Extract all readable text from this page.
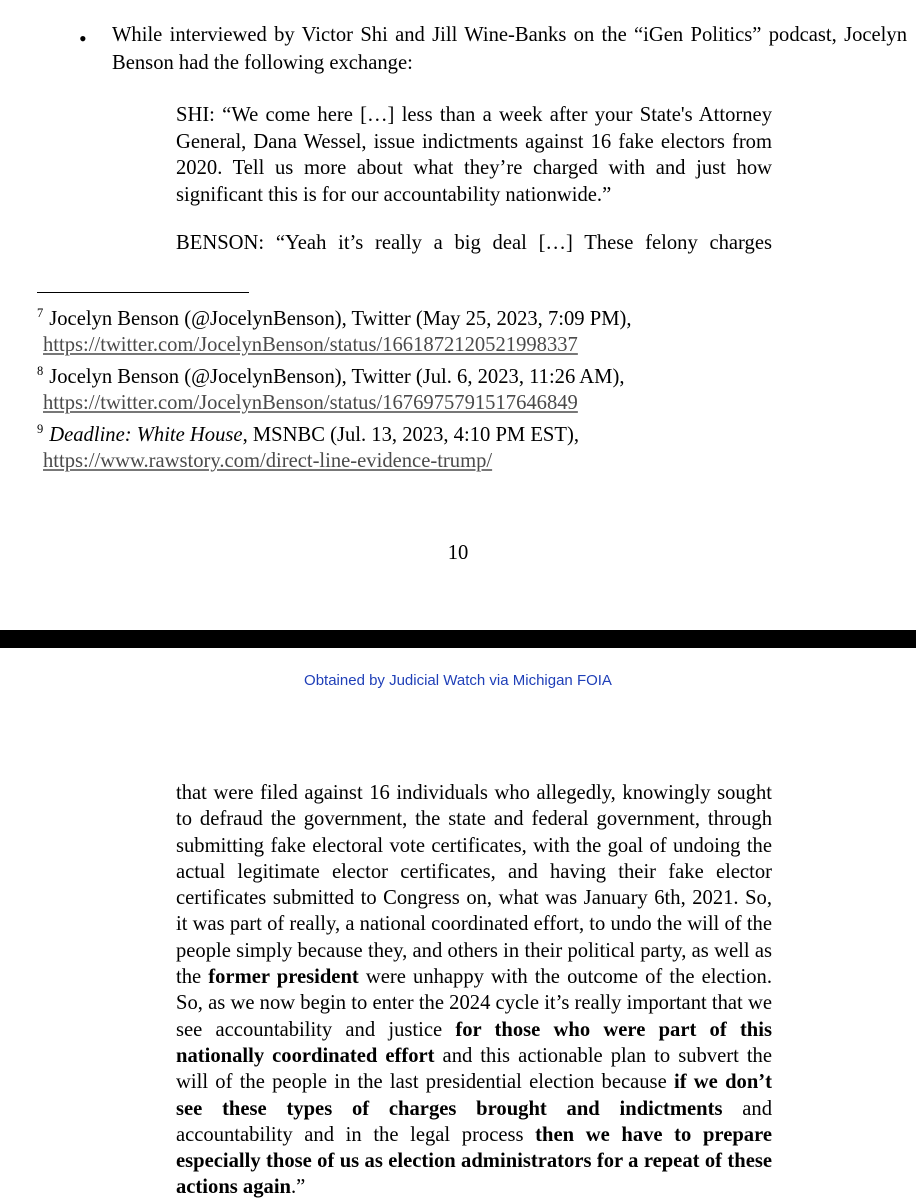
• While interviewed by Victor Shi and Jill Wine-Banks on the “iGen Politics” podcast, Jocelyn Benson had the following exchange:
SHI: “We come here […] less than a week after your State's Attorney General, Dana Wessel, issue indictments against 16 fake electors from 2020. Tell us more about what they’re charged with and just how significant this is for our accountability nationwide.”
BENSON: “Yeah it’s really a big deal […] These felony charges
$^7$ Jocelyn Benson (@JocelynBenson), Twitter (May 25, 2023, 7:09 PM),
https://twitter.com/JocelynBenson/status/1661872120521998337
$^8$ Jocelyn Benson (@JocelynBenson), Twitter (Jul. 6, 2023, 11:26 AM),
https://twitter.com/JocelynBenson/status/1676975791517646849
$^9$ Deadline: White House, MSNBC (Jul. 13, 2023, 4:10 PM EST),
https://www.rawstory.com/direct-line-evidence-trump/
10
Obtained by Judicial Watch via Michigan FOIA
that were filed against 16 individuals who allegedly, knowingly sought to defraud the government, the state and federal government, through submitting fake electoral vote certificates, with the goal of undoing the actual legitimate elector certificates, and having their fake elector certificates submitted to Congress on, what was January 6th, 2021. So, it was part of really, a national coordinated effort, to undo the will of the people simply because they, and others in their political party, as well as the former president were unhappy with the outcome of the election. So, as we now begin to enter the 2024 cycle it’s really important that we see accountability and justice for those who were part of this nationally coordinated effort and this actionable plan to subvert the will of the people in the last presidential election because if we don’t see these types of charges brought and indictments and accountability and in the legal process then we have to prepare especially those of us as election administrators for a repeat of these actions again.”
